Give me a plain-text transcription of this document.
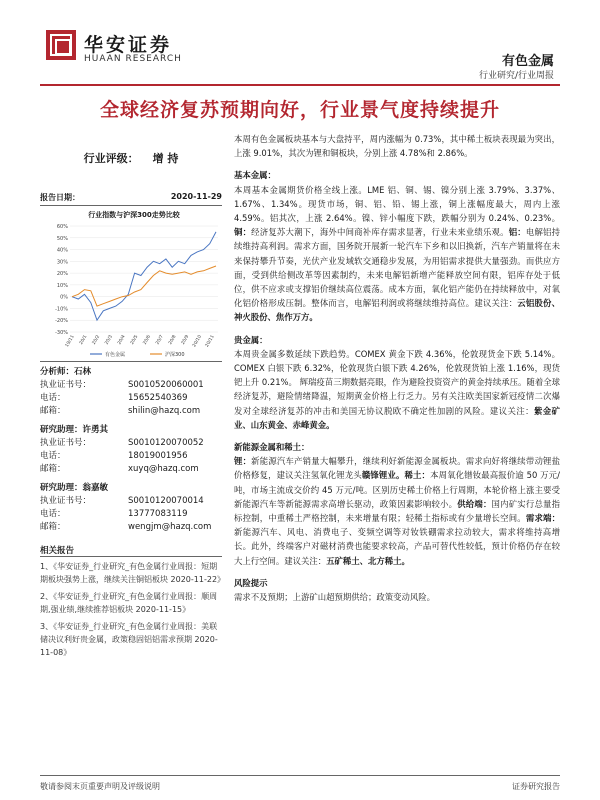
华安证券
HUAAN RESEARCH	有色金属
行业研究/行业周报
全球经济复苏预期向好，行业景气度持续提升
行业评级： 增 持
报告日期：	2020-11-29
行业指数与沪深300走势比较
60%
50%
40%
30%
20%
10%
0%
-10%
-20%
-30%
19/11 20/1 20/2 20/3 20/4 20/5 20/6 20/7 20/8 20/9 20/10 20/11
有色金属	沪深300
分析师：石林
执业证书号：	S0010520060001
电话：	15652540369
邮箱：	shilin@hazq.com
研究助理：许勇其
执业证书号：	S0010120070052
电话：	18019001956
邮箱：	xuyq@hazq.com
研究助理：翁嘉敏
执业证书号：	S0010120070014
电话：	13777083119
邮箱：	wengjm@hazq.com
相关报告

1、《华安证券_行业研究_有色金属行业周报：短期期板块强势上涨，继续关注铜铝板块 2020-11-22》

2、《华安证券_行业研究_有色金属行业周报：顺周期,强业绩,继续推荐铝板块 2020-11-15》

3、《华安证券_行业研究_有色金属行业周报：美联储决议利好贵金属，政策稳固铝铝需求预期 2020-11-08》

本周有色金属板块基本与大盘持平，周内涨幅为 0.73%，其中稀土板块表现最为突出，上涨 9.01%，其次为锂和铜板块，分别上涨 4.78%和 2.86%。

基本金属：

本周基本金属期货价格全线上涨。LME 铝、铜、锡、镍分别上涨 3.79%、3.37%、1.67%、1.34%。现货市场，铜、铝、铅、锡上涨，铜上涨幅度最大，周内上涨 4.59%。铝其次，上涨 2.64%。镍、锌小幅度下跌，跌幅分别为 0.24%、0.23%。铜：经济复苏大潮下，海外中间商补库存需求显著，行业未来业绩乐观。铝：电解铝持续维持高利润。需求方面，国务院开展新一轮汽车下乡和以旧换新，汽车产销量将在未来保持攀升节奏，光伏产业发域软交通稳步发展，为用铝需求提供大量强劲。而供应方面，受到供给侧改革等因素制约，未来电解铝新增产能释放空间有限，铝库存处于低位，供不应求或支撑铝价继续高位震荡。成本方面，氧化铝产能仍在持续释放中，对氧化铝价格形成压制。整体而言，电解铝利润或将继续维持高位。建议关注：云铝股份、神火股份、焦作万方。

贵金属：

本周贵金属多数延续下跌趋势。COMEX 黄金下跌 4.36%，伦敦现货金下跌 5.14%。 COMEX 白银下跌 6.32%，伦敦现货白银下跌 4.26%，伦敦现货铂上涨 1.16%，现货钯上升 0.21%。 辉瑞疫苗三期数据亮眼，作为避险投资资产的黄金持续承压。随着全球经济复苏，避险情绪降温，短期黄金价格上行乏力。另有关注欧美国家新冠疫情二次爆发对全球经济复苏的冲击和美国无协议脱欧不确定性加剧的风险。建议关注：紫金矿业、山东黄金、赤峰黄金。

新能源金属和稀土：

锂：新能源汽车产销量大幅攀升，继续利好新能源金属板块。需求向好将继续带动锂盐价格修复，建议关注氢氧化锂龙头赣锋锂业。稀土：本周氧化镨钕最高报价逾 50 万元/吨，市场主流成交价约 45 万元/吨。区别历史稀土价格上行周期，本轮价格上涨主要受新能源汽车等新能源需求高增长驱动，政策因素影响较小。供给端：国内矿实行总量指标控制，中重稀土严格控制，未来增量有限；轻稀土指标或有少量增长空间。需求端：新能源汽车、风电、消费电子、变频空调等对钕铁硼需求拉动较大，需求将维持高增长。此外，终端客户对磁材消费也能要求较高，产品可替代性较低，预计价格仍存在较大上行空间。建议关注：五矿稀土、北方稀土。

风险提示

需求不及预期；上游矿山超预期供给；政策变动风险。

敬请参阅末页重要声明及评级说明	证券研究报告
